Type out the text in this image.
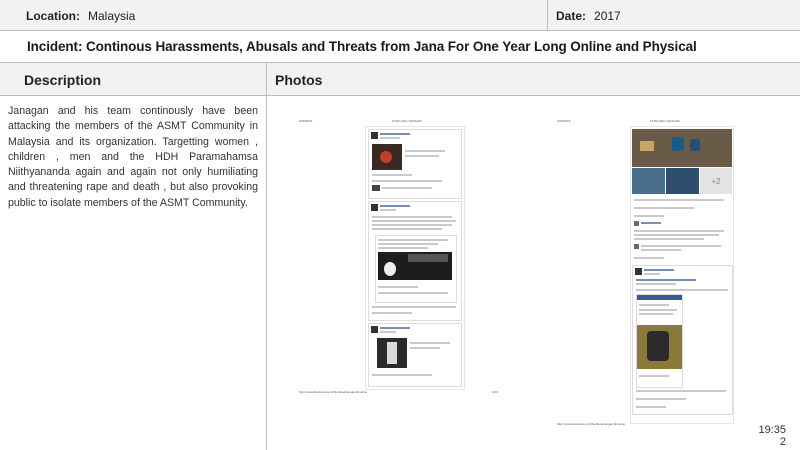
Location: Malaysia	Date: 2017
Incident: Continous Harassments, Abusals and Threats from Jana For One Year Long Online and Physical
Description	Photos
Janagan and his team continously have been attacking the members of the ASMT Community in Malaysia and its organization. Targetting women , children , men and the HDH Paramahamsa Niithyananda again and again not only humiliating and threatening rape and death , but also provoking public to isolate members of the ASMT Community.
3/28/2018	FTAKLANG SANGAM
http://www.facebook.com/Tamilandsangam/timeline	4/10
3/28/2018	FTAKLANG SANGAM
+2
http://www.facebook.com/Tamilandsangam/timeline	19:35
2
